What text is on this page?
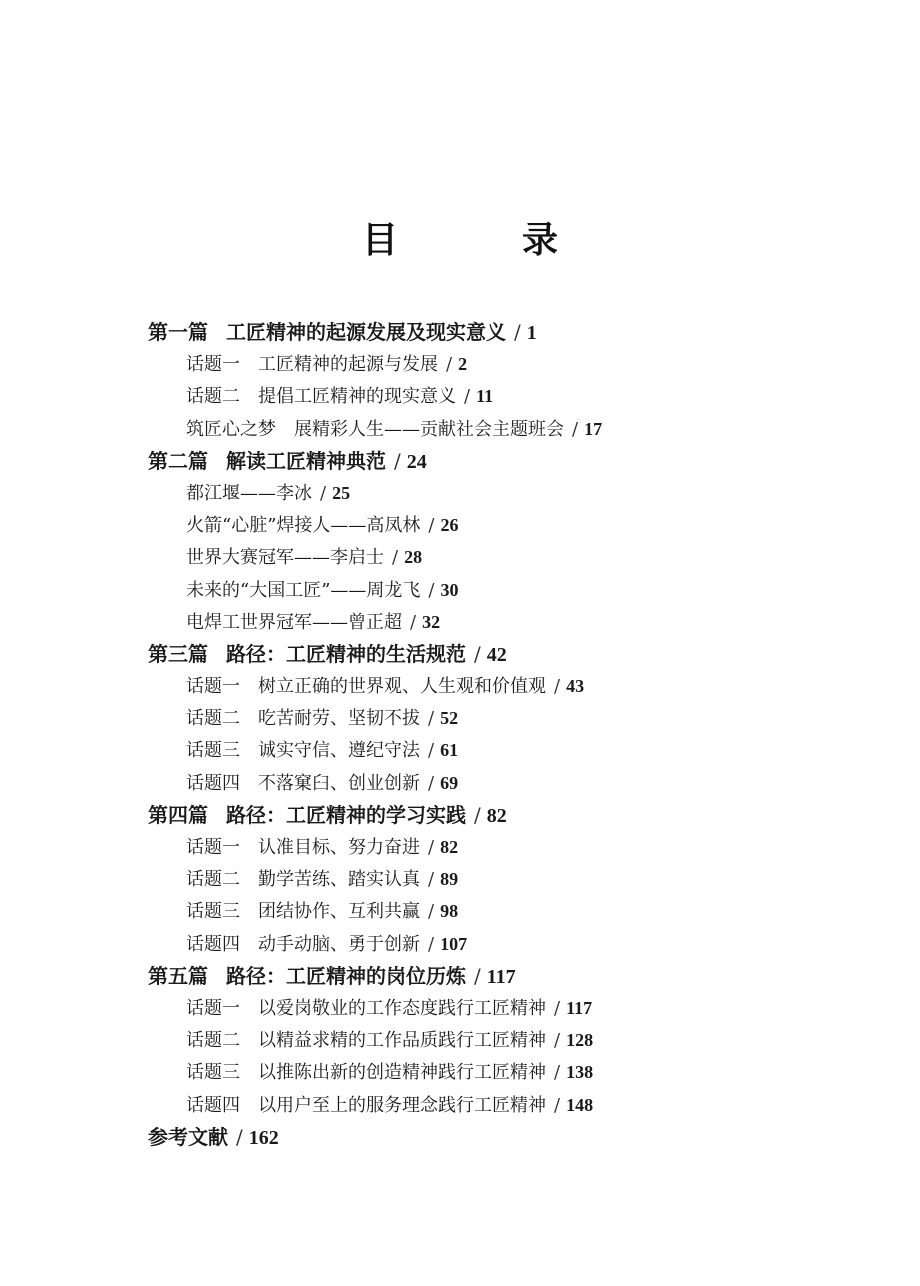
目　录
第一篇 工匠精神的起源发展及现实意义 / 1
话题一 工匠精神的起源与发展 / 2
话题二 提倡工匠精神的现实意义 / 11
筑匠心之梦 展精彩人生——贡献社会主题班会 / 17
第二篇 解读工匠精神典范 / 24
都江堰——李冰 / 25
火箭“心脏”焊接人——高凤林 / 26
世界大赛冠军——李启士 / 28
未来的“大国工匠”——周龙飞 / 30
电焊工世界冠军——曾正超 / 32
第三篇 路径：工匠精神的生活规范 / 42
话题一 树立正确的世界观、人生观和价值观 / 43
话题二 吃苦耐劳、坚韧不拔 / 52
话题三 诚实守信、遵纪守法 / 61
话题四 不落窠臼、创业创新 / 69
第四篇 路径：工匠精神的学习实践 / 82
话题一 认准目标、努力奋进 / 82
话题二 勤学苦练、踏实认真 / 89
话题三 团结协作、互利共赢 / 98
话题四 动手动脑、勇于创新 / 107
第五篇 路径：工匠精神的岗位历炼 / 117
话题一 以爱岗敬业的工作态度践行工匠精神 / 117
话题二 以精益求精的工作品质践行工匠精神 / 128
话题三 以推陈出新的创造精神践行工匠精神 / 138
话题四 以用户至上的服务理念践行工匠精神 / 148
参考文献 / 162
